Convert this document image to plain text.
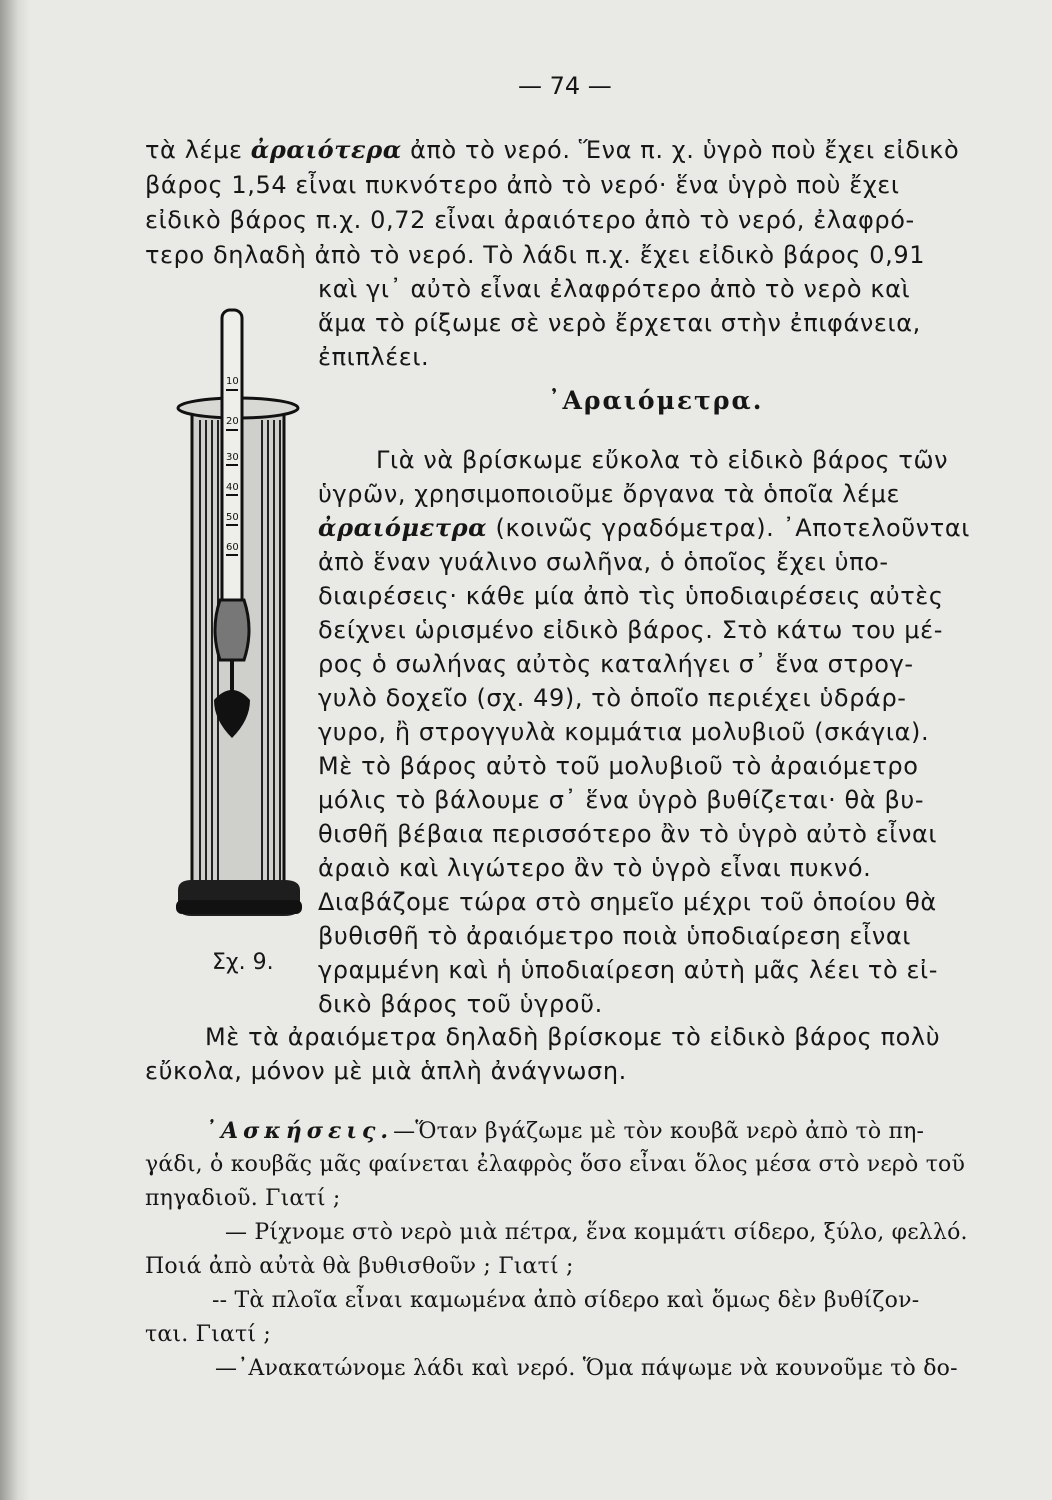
— 74 —
τὰ λέμε ἀραιότερα ἀπὸ τὸ νερό. Ἕνα π. χ. ὑγρὸ ποὺ ἔχει εἰδικὸ
βάρος 1,54 εἶναι πυκνότερο ἀπὸ τὸ νερό· ἕνα ὑγρὸ ποὺ ἔχει
εἰδικὸ βάρος π.χ. 0,72 εἶναι ἀραιότερο ἀπὸ τὸ νερό, ἐλαφρό-
τερο δηλαδὴ ἀπὸ τὸ νερό. Τὸ λάδι π.χ. ἔχει εἰδικὸ βάρος 0,91
καὶ γι᾽ αὐτὸ εἶναι ἐλαφρότερο ἀπὸ τὸ νερὸ καὶ
ἅμα τὸ ρίξωμε σὲ νερὸ ἔρχεται στὴν ἐπιφάνεια,
ἐπιπλέει.
᾿Αραιόμετρα.
Γιὰ νὰ βρίσκωμε εὔκολα τὸ εἰδικὸ βάρος τῶν
ὑγρῶν, χρησιμοποιοῦμε ὄργανα τὰ ὁποῖα λέμε
ἀραιόμετρα (κοινῶς γραδόμετρα). ᾿Αποτελοῦνται
ἀπὸ ἕναν γυάλινο σωλῆνα, ὁ ὁποῖος ἔχει ὑπο-
διαιρέσεις· κάθε μία ἀπὸ τὶς ὑποδιαιρέσεις αὐτὲς
δείχνει ὡρισμένο εἰδικὸ βάρος. Στὸ κάτω του μέ-
ρος ὁ σωλήνας αὐτὸς καταλήγει σ᾽ ἕνα στρογ-
γυλὸ δοχεῖο (σχ. 49), τὸ ὁποῖο περιέχει ὑδράρ-
γυρο, ἢ στρογγυλὰ κομμάτια μολυβιοῦ (σκάγια).
Μὲ τὸ βάρος αὐτὸ τοῦ μολυβιοῦ τὸ ἀραιόμετρο
μόλις τὸ βάλουμε σ᾽ ἕνα ὑγρὸ βυθίζεται· θὰ βυ-
θισθῆ βέβαια περισσότερο ἂν τὸ ὑγρὸ αὐτὸ εἶναι
ἀραιὸ καὶ λιγώτερο ἂν τὸ ὑγρὸ εἶναι πυκνό.
Διαβάζομε τώρα στὸ σημεῖο μέχρι τοῦ ὁποίου θὰ
βυθισθῆ τὸ ἀραιόμετρο ποιὰ ὑποδιαίρεση εἶναι
γραμμένη καὶ ἡ ὑποδιαίρεση αὐτὴ μᾶς λέει τὸ εἰ-
δικὸ βάρος τοῦ ὑγροῦ.
Σχ. 9.
Μὲ τὰ ἀραιόμετρα δηλαδὴ βρίσκομε τὸ εἰδικὸ βάρος πολὺ
εὔκολα, μόνον μὲ μιὰ ἁπλὴ ἀνάγνωση.
᾿Ασκήσεις.—Ὅταν βγάζωμε μὲ τὸν κουβᾶ νερὸ ἀπὸ τὸ πη-
γάδι, ὁ κουβᾶς μᾶς φαίνεται ἐλαφρὸς ὅσο εἶναι ὅλος μέσα στὸ νερὸ τοῦ
πηγαδιοῦ. Γιατί ;
— Ρίχνομε στὸ νερὸ μιὰ πέτρα, ἕνα κομμάτι σίδερο, ξύλο, φελλό.
Ποιά ἀπὸ αὐτὰ θὰ βυθισθοῦν ; Γιατί ;
-- Τὰ πλοῖα εἶναι καμωμένα ἀπὸ σίδερο καὶ ὅμως δὲν βυθίζον-
ται. Γιατί ;
—᾿Ανακατώνομε λάδι καὶ νερό. Ὅμα πάψωμε νὰ κουνοῦμε τὸ δο-
10
20
30
40
50
60
